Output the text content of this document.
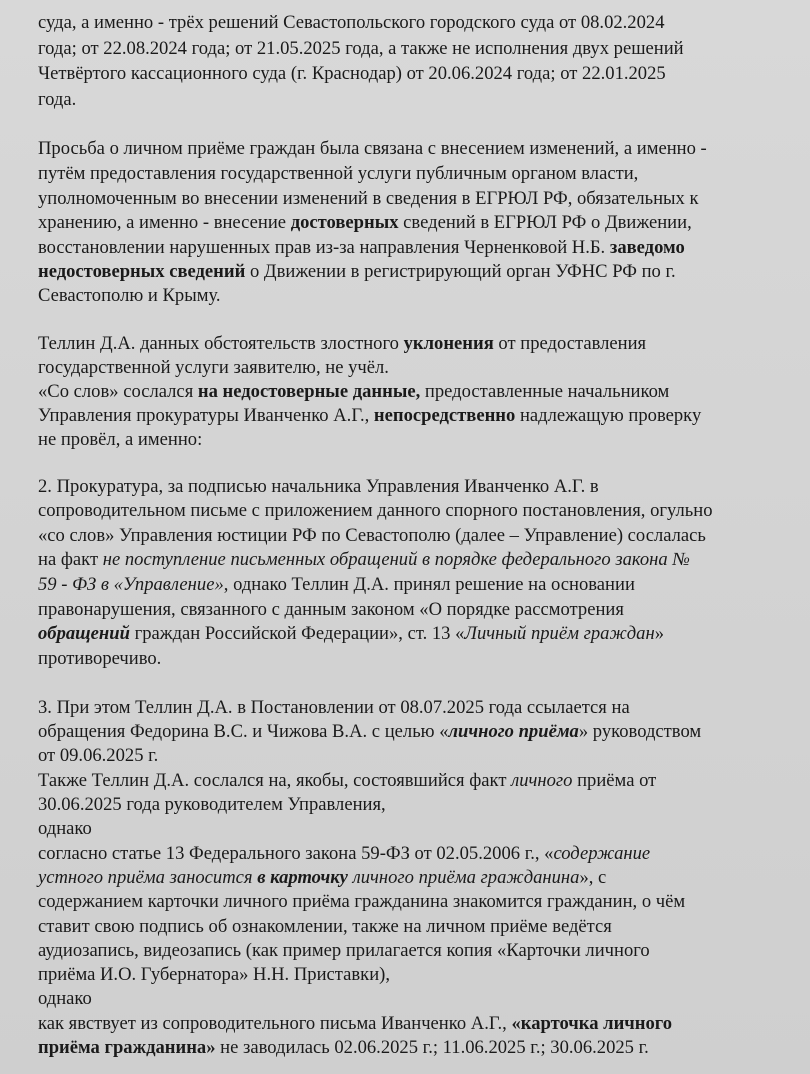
суда, а именно - трёх решений Севастопольского городского суда от 08.02.2024
года; от 22.08.2024 года; от 21.05.2025 года, а также не исполнения двух решений
Четвёртого кассационного суда (г. Краснодар) от 20.06.2024 года; от 22.01.2025
года.
Просьба о личном приёме граждан была связана с внесением изменений, а именно -
путём предоставления государственной услуги публичным органом власти,
уполномоченным во внесении изменений в сведения в ЕГРЮЛ РФ, обязательных к
хранению, а именно - внесение достоверных сведений в ЕГРЮЛ РФ о Движении,
восстановлении нарушенных прав из-за направления Черненковой Н.Б. заведомо
недостоверных сведений о Движении в регистрирующий орган УФНС РФ по г.
Севастополю и Крыму.
Теллин Д.А. данных обстоятельств злостного уклонения от предоставления
государственной услуги заявителю, не учёл.
«Со слов» сослался на недостоверные данные, предоставленные начальником
Управления прокуратуры Иванченко А.Г., непосредственно надлежащую проверку
не провёл, а именно:
2. Прокуратура, за подписью начальника Управления Иванченко А.Г. в
сопроводительном письме с приложением данного спорного постановления, огульно
«со слов» Управления юстиции РФ по Севастополю (далее – Управление) сослалась
на факт не поступление письменных обращений в порядке федерального закона №
59 - ФЗ в «Управление», однако Теллин Д.А. принял решение на основании
правонарушения, связанного с данным законом «О порядке рассмотрения
обращений граждан Российской Федерации», ст. 13 «Личный приём граждан»
противоречиво.
3. При этом Теллин Д.А. в Постановлении от 08.07.2025 года ссылается на
обращения Федорина В.С. и Чижова В.А. с целью «личного приёма» руководством
от 09.06.2025 г.
Также Теллин Д.А. сослался на, якобы, состоявшийся факт личного приёма от
30.06.2025 года руководителем Управления,
однако
согласно статье 13 Федерального закона 59-ФЗ от 02.05.2006 г., «содержание
устного приёма заносится в карточку личного приёма гражданина», с
содержанием карточки личного приёма гражданина знакомится гражданин, о чём
ставит свою подпись об ознакомлении, также на личном приёме ведётся
аудиозапись, видеозапись (как пример прилагается копия «Карточки личного
приёма И.О. Губернатора» Н.Н. Приставки),
однако
как явствует из сопроводительного письма Иванченко А.Г., «карточка личного
приёма гражданина» не заводилась 02.06.2025 г.; 11.06.2025 г.; 30.06.2025 г.
